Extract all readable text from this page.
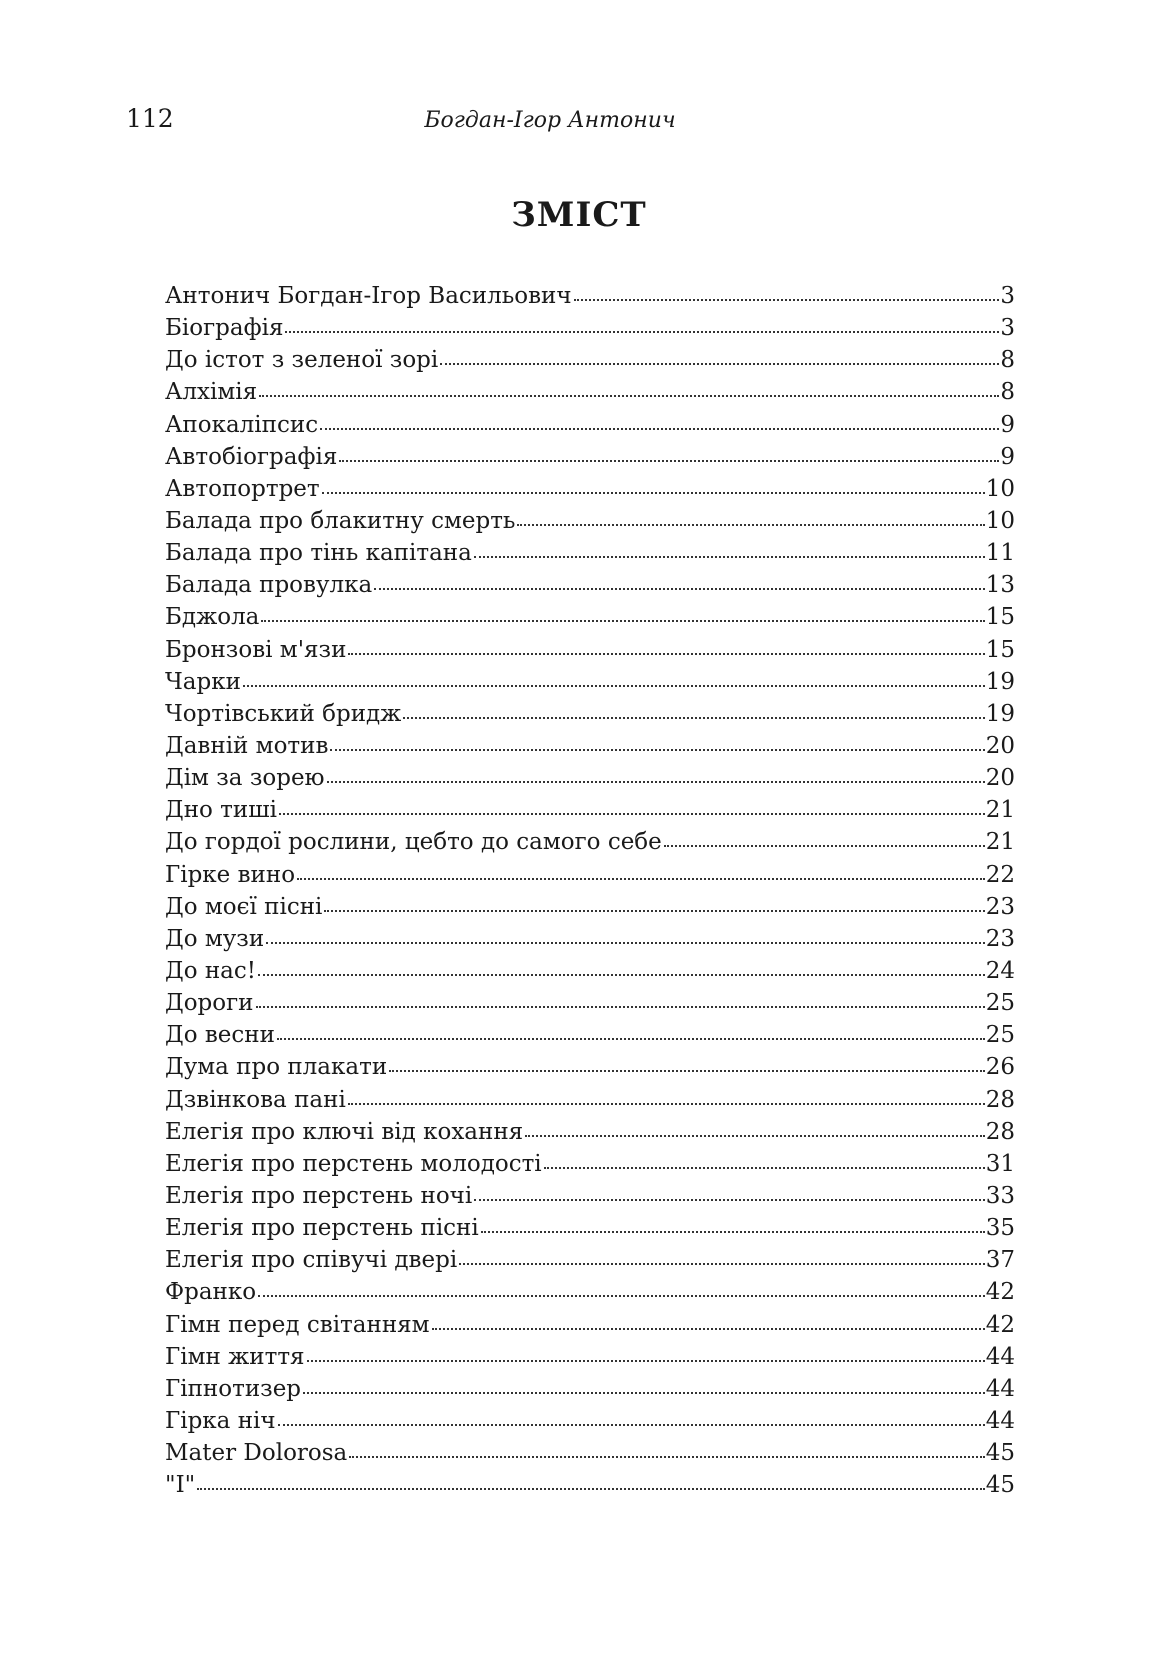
112	Богдан-Ігор Антонич
ЗМІСТ
Антонич Богдан-Ігор Васильович	3
Біографія	3
До істот з зеленої зорі	8
Алхімія	8
Апокаліпсис	9
Автобіографія	9
Автопортрет	10
Балада про блакитну смерть	10
Балада про тінь капітана	11
Балада провулка	13
Бджола	15
Бронзові м'язи	15
Чарки	19
Чортівський бридж	19
Давній мотив	20
Дім за зорею	20
Дно тиші	21
До гордої рослини, цебто до самого себе	21
Гірке вино	22
До моєї пісні	23
До музи	23
До нас!	24
Дороги	25
До весни	25
Дума про плакати	26
Дзвінкова пані	28
Елегія про ключі від кохання	28
Елегія про перстень молодості	31
Елегія про перстень ночі	33
Елегія про перстень пісні	35
Елегія про співучі двері	37
Франко	42
Гімн перед світанням	42
Гімн життя	44
Гіпнотизер	44
Гірка ніч	44
Mater Dolorosa	45
"I"	45
